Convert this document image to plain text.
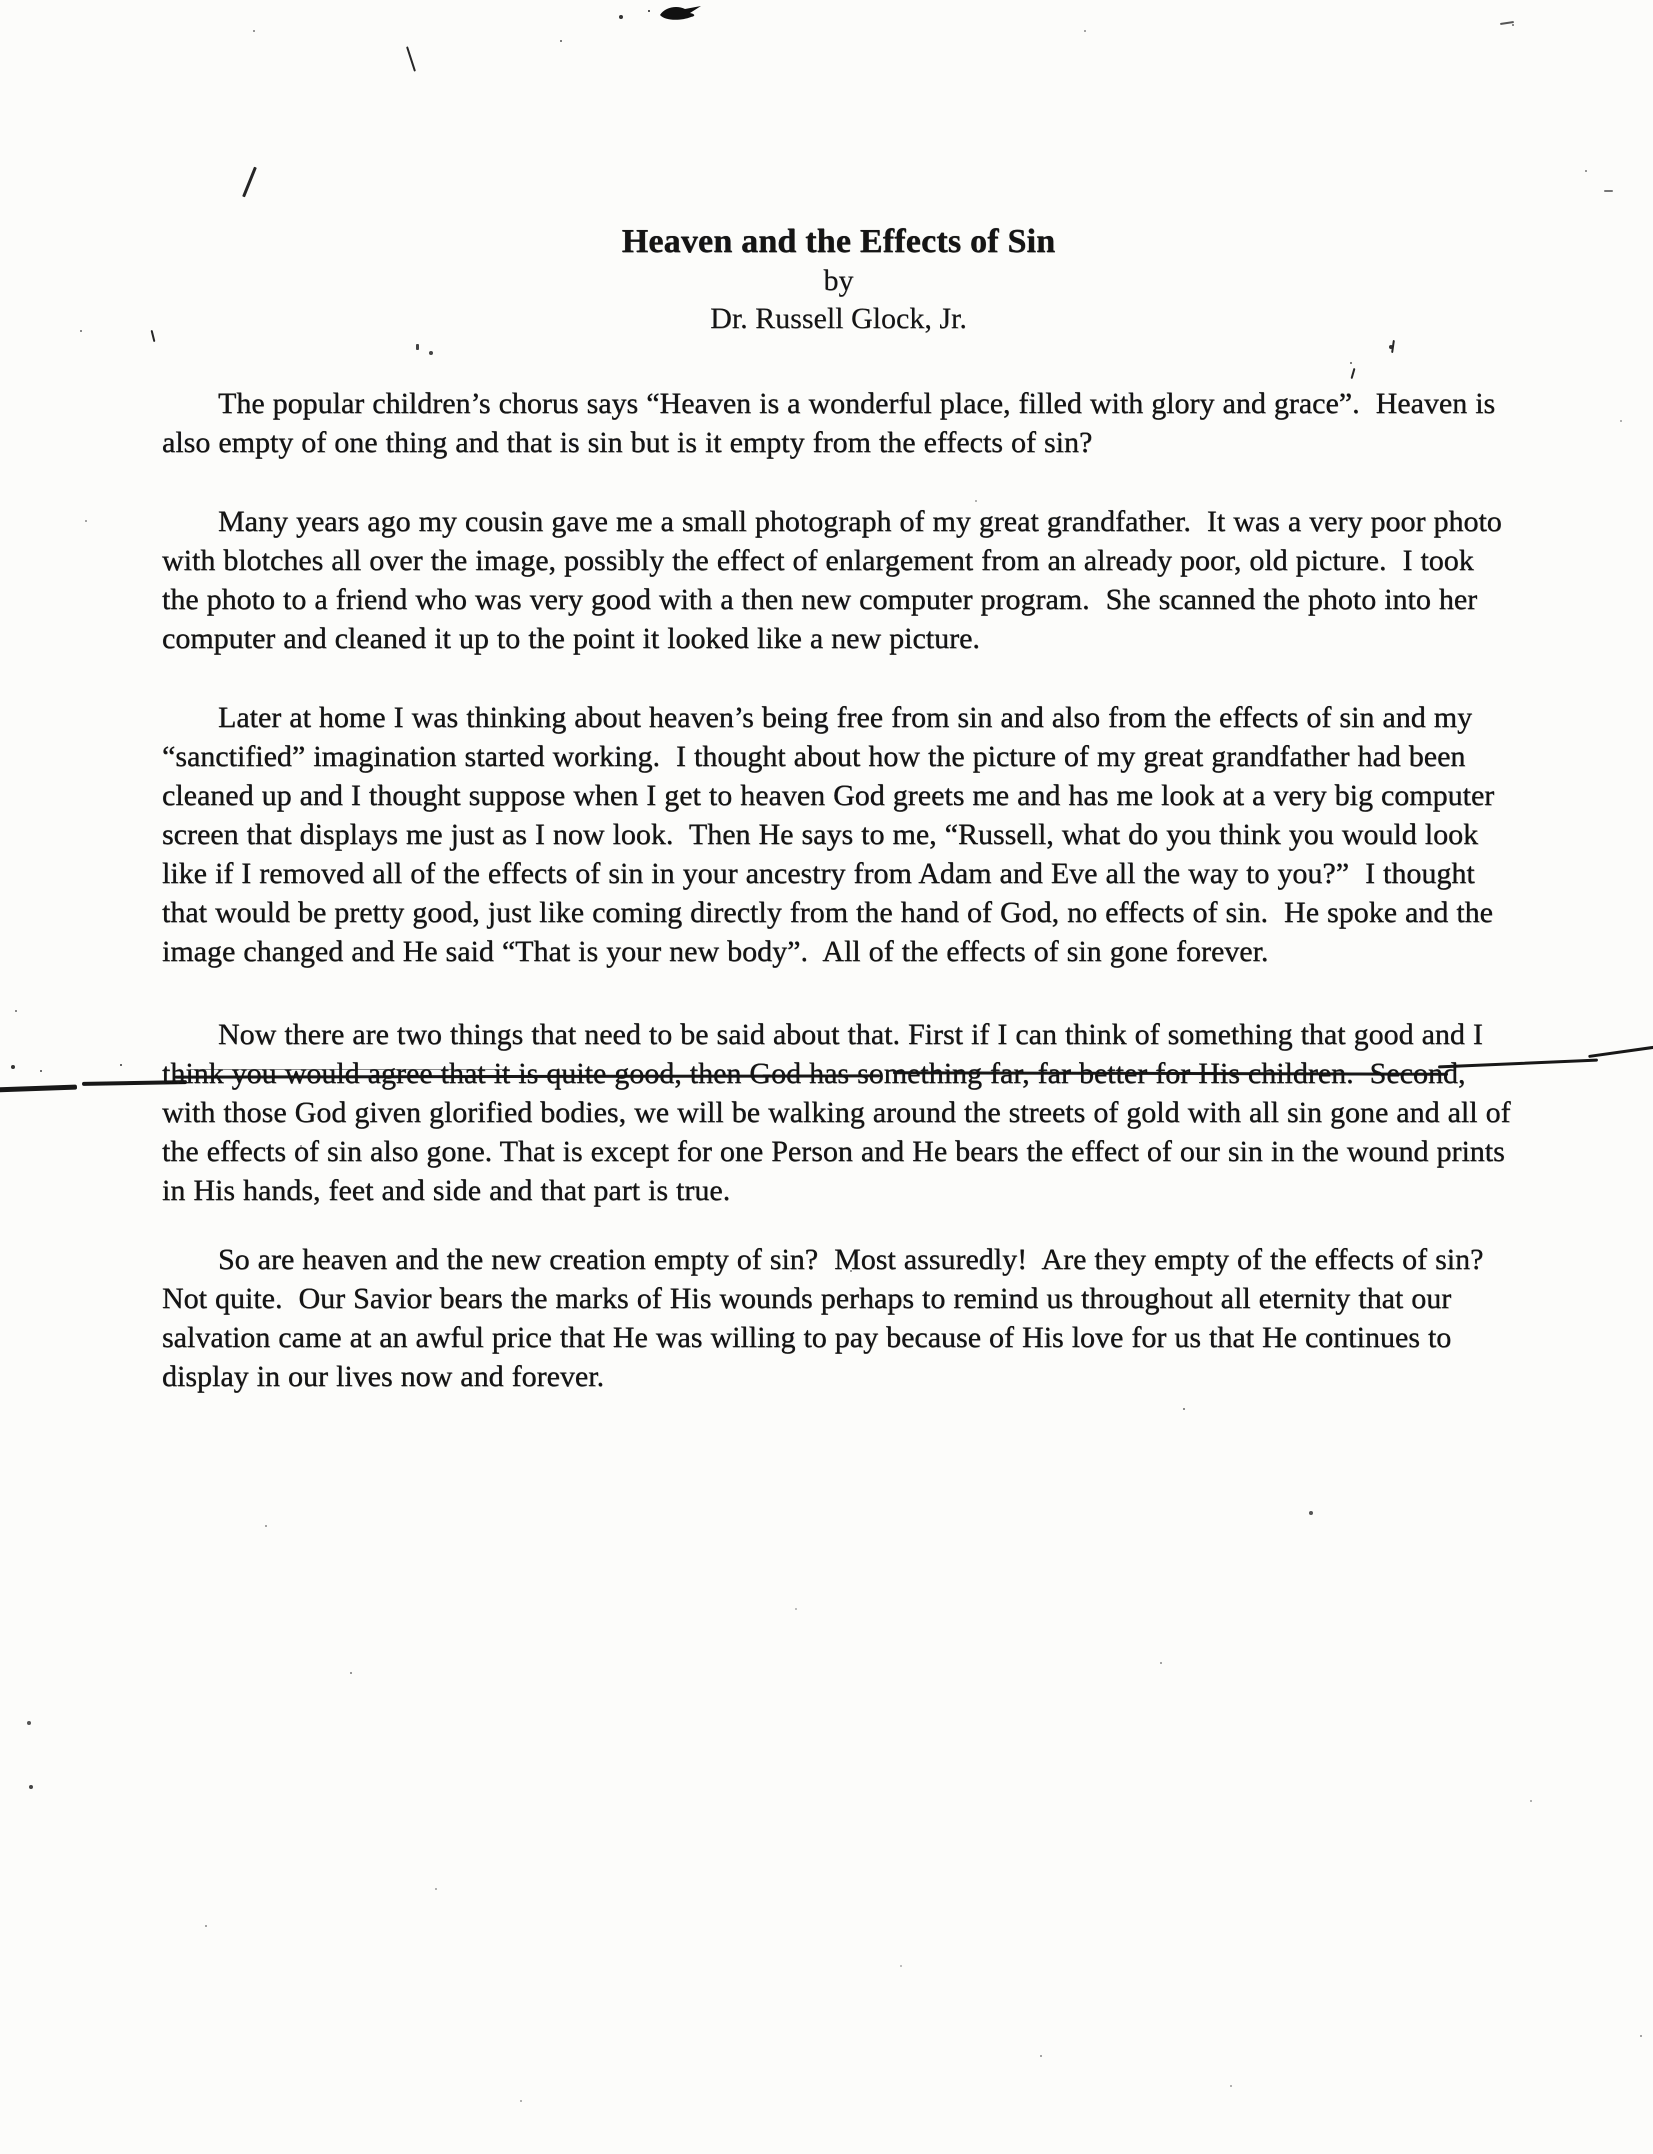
Heaven and the Effects of Sin
by
Dr. Russell Glock, Jr.

The popular children’s chorus says “Heaven is a wonderful place, filled with glory and grace”.  Heaven is also empty of one thing and that is sin but is it empty from the effects of sin?

Many years ago my cousin gave me a small photograph of my great grandfather.  It was a very poor photo with blotches all over the image, possibly the effect of enlargement from an already poor, old picture.  I took the photo to a friend who was very good with a then new computer program.  She scanned the photo into her computer and cleaned it up to the point it looked like a new picture.

Later at home I was thinking about heaven’s being free from sin and also from the effects of sin and my “sanctified” imagination started working.  I thought about how the picture of my great grandfather had been cleaned up and I thought suppose when I get to heaven God greets me and has me look at a very big computer screen that displays me just as I now look.  Then He says to me, “Russell, what do you think you would look like if I removed all of the effects of sin in your ancestry from Adam and Eve all the way to you?”  I thought that would be pretty good, just like coming directly from the hand of God, no effects of sin.  He spoke and the image changed and He said “That is your new body”.  All of the effects of sin gone forever.

Now there are two things that need to be said about that. First if I can think of something that good and I think you would agree that it is quite good, then God has something far, far better for His children.  Second, with those God given glorified bodies, we will be walking around the streets of gold with all sin gone and all of the effects of sin also gone. That is except for one Person and He bears the effect of our sin in the wound prints in His hands, feet and side and that part is true.

So are heaven and the new creation empty of sin?  Most assuredly!  Are they empty of the effects of sin?  Not quite.  Our Savior bears the marks of His wounds perhaps to remind us throughout all eternity that our salvation came at an awful price that He was willing to pay because of His love for us that He continues to display in our lives now and forever.
